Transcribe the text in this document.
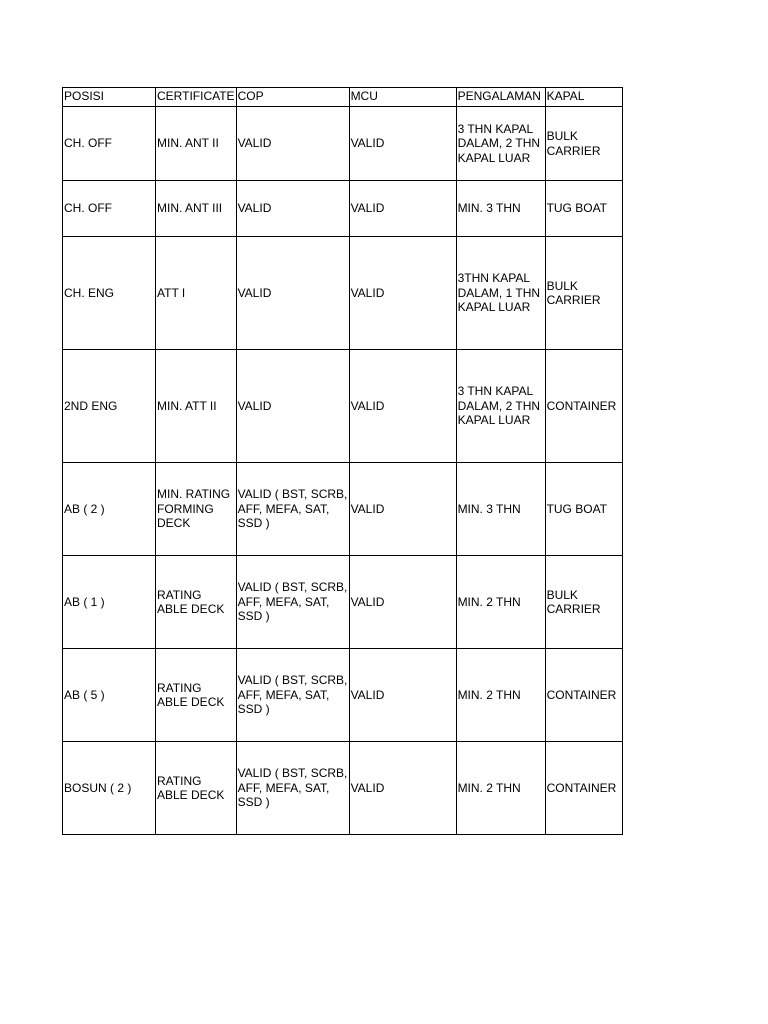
POSISI	CERTIFICATE	COP	MCU	PENGALAMAN	KAPAL
CH. OFF	MIN. ANT II	VALID	VALID	3 THN KAPAL DALAM, 2 THN KAPAL LUAR	BULK CARRIER
CH. OFF	MIN. ANT III	VALID	VALID	MIN. 3 THN	TUG BOAT
CH. ENG	ATT I	VALID	VALID	3THN KAPAL DALAM, 1 THN KAPAL LUAR	BULK CARRIER
2ND ENG	MIN. ATT II	VALID	VALID	3 THN KAPAL DALAM, 2 THN KAPAL LUAR	CONTAINER
AB ( 2 )	MIN. RATING FORMING DECK	VALID ( BST, SCRB, AFF, MEFA, SAT, SSD )	VALID	MIN. 3 THN	TUG BOAT
AB ( 1 )	RATING ABLE DECK	VALID ( BST, SCRB, AFF, MEFA, SAT, SSD )	VALID	MIN. 2 THN	BULK CARRIER
AB ( 5 )	RATING ABLE DECK	VALID ( BST, SCRB, AFF, MEFA, SAT, SSD )	VALID	MIN. 2 THN	CONTAINER
BOSUN ( 2 )	RATING ABLE DECK	VALID ( BST, SCRB, AFF, MEFA, SAT, SSD )	VALID	MIN. 2 THN	CONTAINER
